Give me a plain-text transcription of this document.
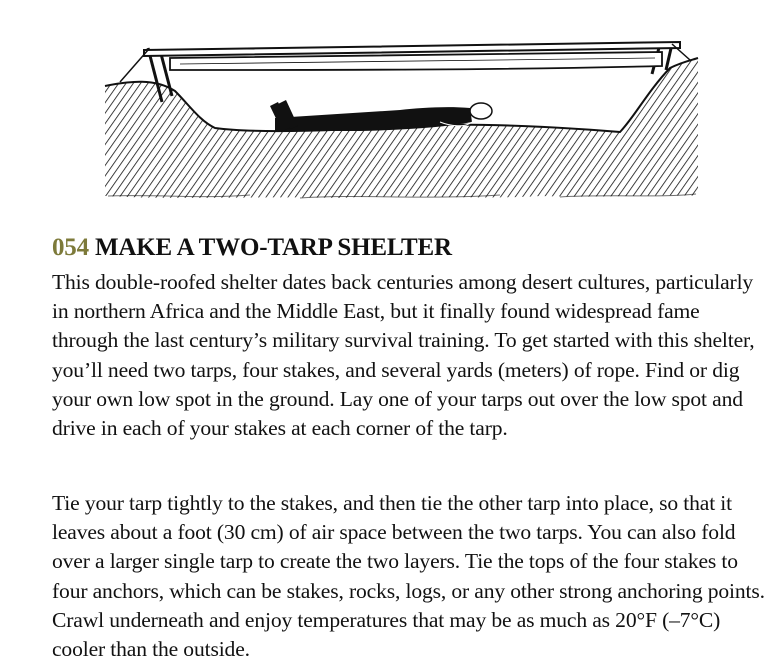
054 MAKE A TWO-TARP SHELTER

This double-roofed shelter dates back centuries among desert cultures, particularly in northern Africa and the Middle East, but it finally found widespread fame through the last century’s military survival training. To get started with this shelter, you’ll need two tarps, four stakes, and several yards (meters) of rope. Find or dig your own low spot in the ground. Lay one of your tarps out over the low spot and drive in each of your stakes at each corner of the tarp.

Tie your tarp tightly to the stakes, and then tie the other tarp into place, so that it leaves about a foot (30 cm) of air space between the two tarps. You can also fold over a larger single tarp to create the two layers. Tie the tops of the four stakes to four anchors, which can be stakes, rocks, logs, or any other strong anchoring points. Crawl underneath and enjoy temperatures that may be as much as 20°F (–7°C) cooler than the outside.
